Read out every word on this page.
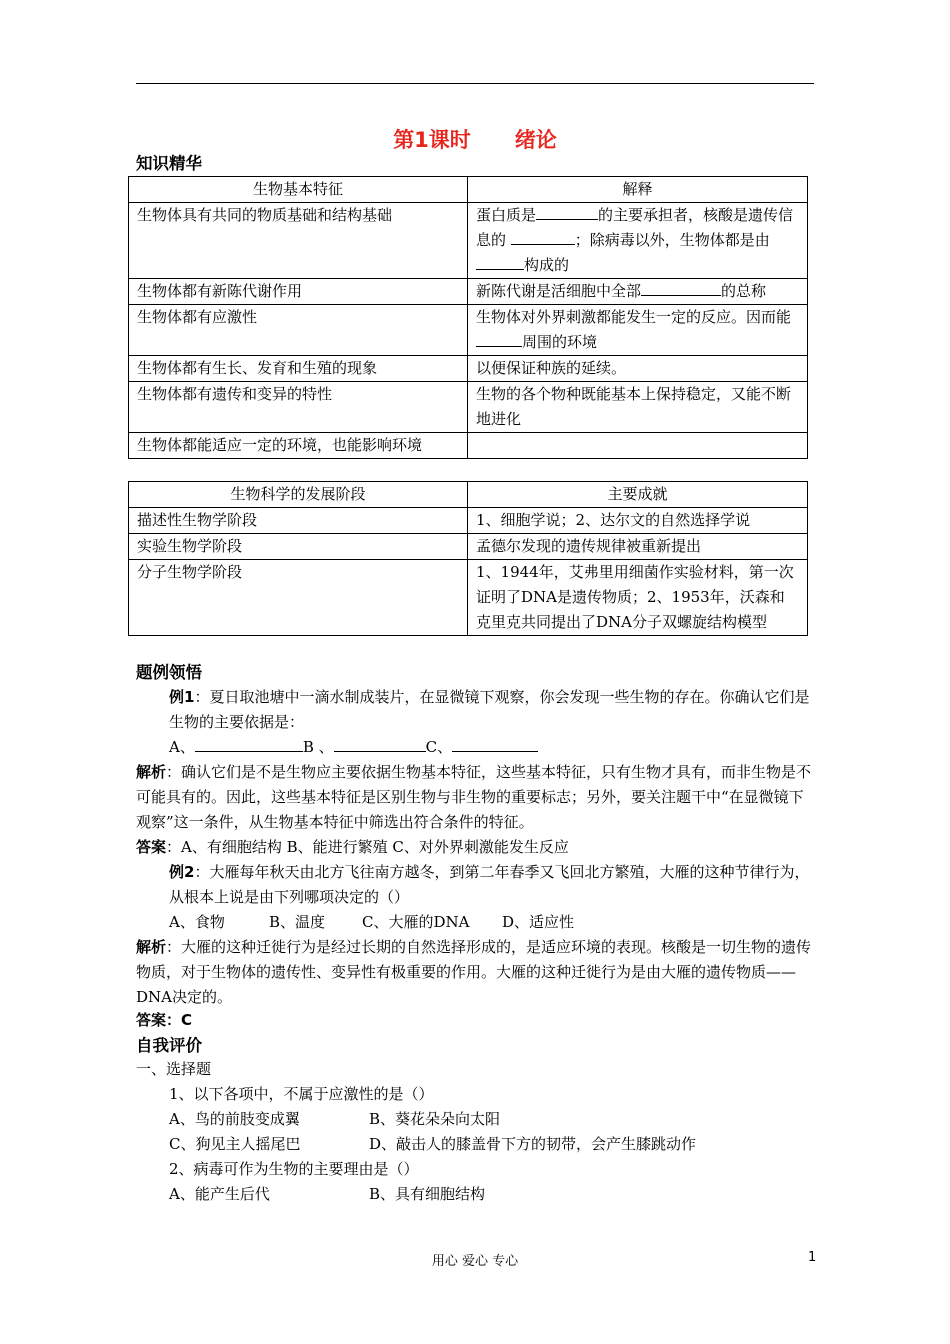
第1课时 绪论
知识精华
生物基本特征	解释
生物体具有共同的物质基础和结构基础	蛋白质是 的主要承担者，核酸是遗传信息的 ；除病毒以外，生物体都是由构成的
生物体都有新陈代谢作用	新陈代谢是活细胞中全部 的总称
生物体都有应激性	生物体对外界刺激都能发生一定的反应。因而能周围的环境
生物体都有生长、发育和生殖的现象	以便保证种族的延续。
生物体都有遗传和变异的特性	生物的各个物种既能基本上保持稳定，又能不断地进化
生物体都能适应一定的环境，也能影响环境	
生物科学的发展阶段	主要成就
描述性生物学阶段	1、细胞学说；2、达尔文的自然选择学说
实验生物学阶段	孟德尔发现的遗传规律被重新提出
分子生物学阶段	1、1944年，艾弗里用细菌作实验材料，第一次证明了DNA是遗传物质；2、1953年，沃森和克里克共同提出了DNA分子双螺旋结构模型
题例领悟
例1：夏日取池塘中一滴水制成装片，在显微镜下观察，你会发现一些生物的存在。你确认它们是生物的主要依据是：
A、	B 、	C、
解析：确认它们是不是生物应主要依据生物基本特征，这些基本特征，只有生物才具有，而非生物是不可能具有的。因此，这些基本特征是区别生物与非生物的重要标志；另外，要关注题干中“在显微镜下观察”这一条件，从生物基本特征中筛选出符合条件的特征。
答案：A、有细胞结构 B、能进行繁殖 C、对外界刺激能发生反应
例2：大雁每年秋天由北方飞往南方越冬，到第二年春季又飞回北方繁殖，大雁的这种节律行为，从根本上说是由下列哪项决定的（）
A、食物	B、温度 C、大雁的DNA D、适应性
解析：大雁的这种迁徙行为是经过长期的自然选择形成的，是适应环境的表现。核酸是一切生物的遗传物质，对于生物体的遗传性、变异性有极重要的作用。大雁的这种迁徙行为是由大雁的遗传物质——DNA决定的。
答案：C
自我评价
一、选择题
1、以下各项中，不属于应激性的是（）
A、鸟的前肢变成翼	B、葵花朵朵向太阳
C、狗见主人摇尾巴	D、敲击人的膝盖骨下方的韧带，会产生膝跳动作
2、病毒可作为生物的主要理由是（）
A、能产生后代	B、具有细胞结构
用心 爱心 专心	1
